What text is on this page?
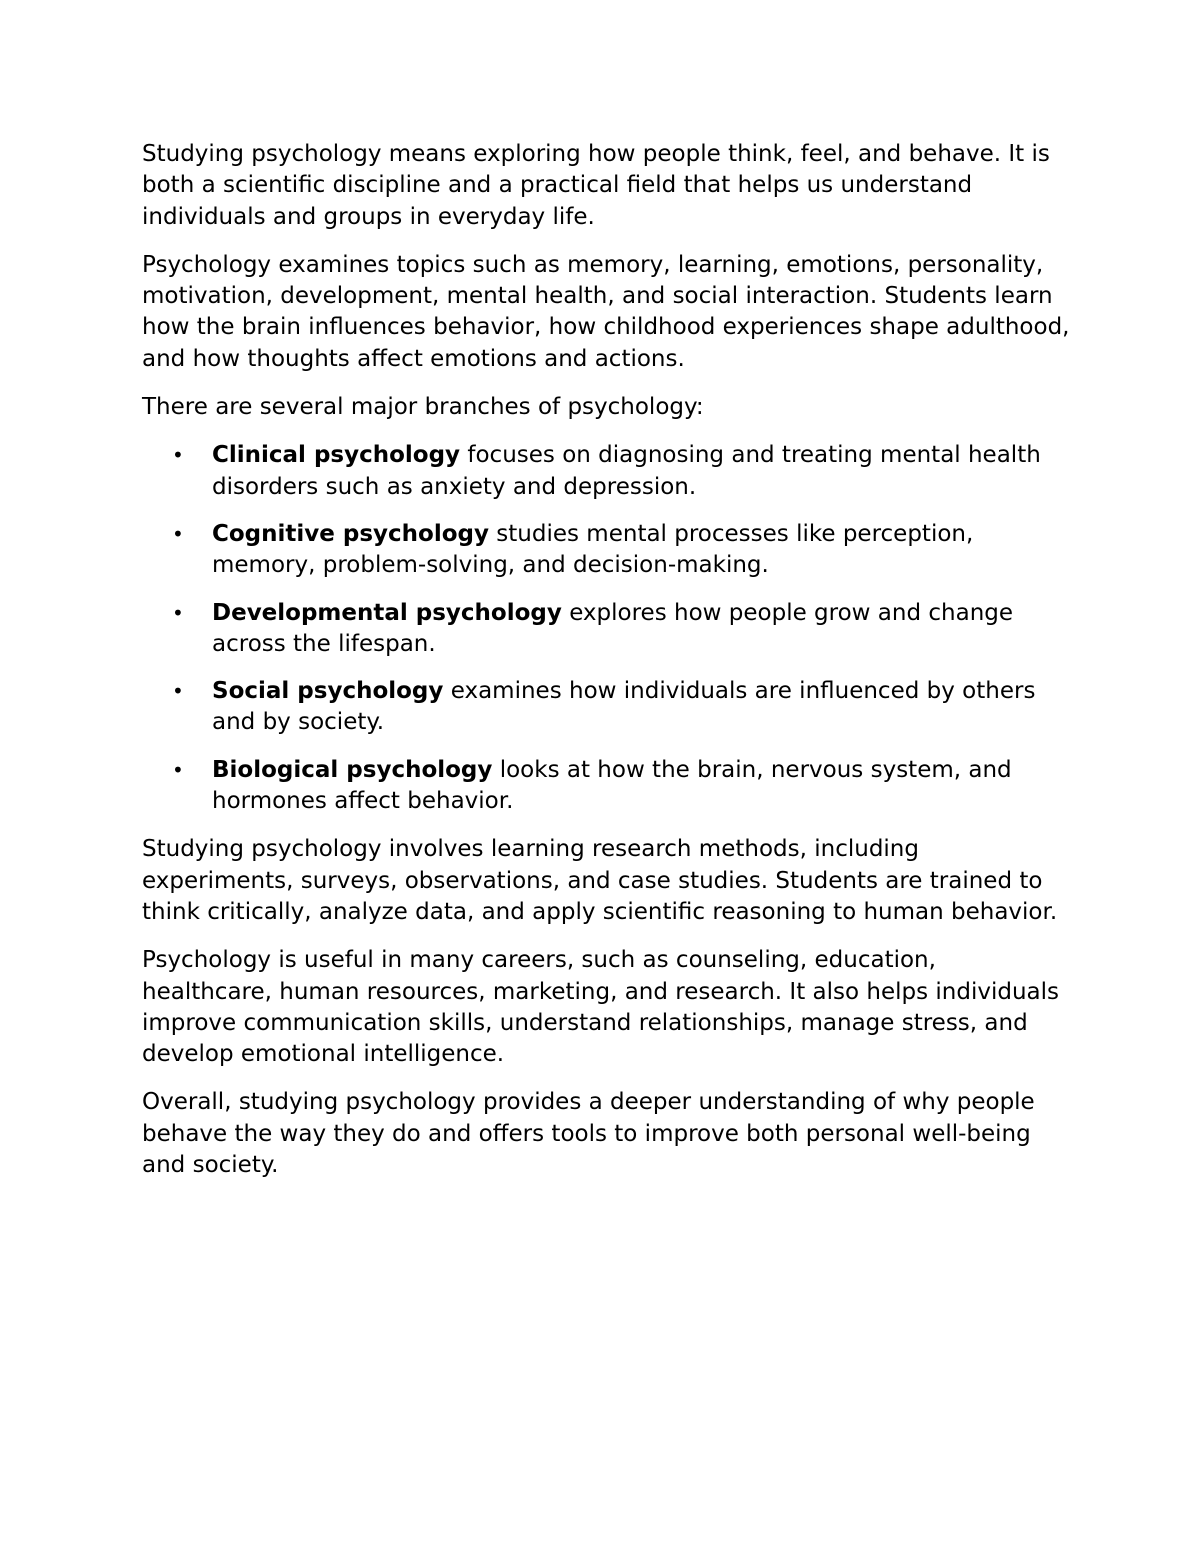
Studying psychology means exploring how people think, feel, and behave. It is both a scientific discipline and a practical field that helps us understand individuals and groups in everyday life.

Psychology examines topics such as memory, learning, emotions, personality, motivation, development, mental health, and social interaction. Students learn how the brain influences behavior, how childhood experiences shape adulthood, and how thoughts affect emotions and actions.

There are several major branches of psychology:

• Clinical psychology focuses on diagnosing and treating mental health disorders such as anxiety and depression.
• Cognitive psychology studies mental processes like perception, memory, problem-solving, and decision-making.
• Developmental psychology explores how people grow and change across the lifespan.
• Social psychology examines how individuals are influenced by others and by society.
• Biological psychology looks at how the brain, nervous system, and hormones affect behavior.

Studying psychology involves learning research methods, including experiments, surveys, observations, and case studies. Students are trained to think critically, analyze data, and apply scientific reasoning to human behavior.

Psychology is useful in many careers, such as counseling, education, healthcare, human resources, marketing, and research. It also helps individuals improve communication skills, understand relationships, manage stress, and develop emotional intelligence.

Overall, studying psychology provides a deeper understanding of why people behave the way they do and offers tools to improve both personal well-being and society.
